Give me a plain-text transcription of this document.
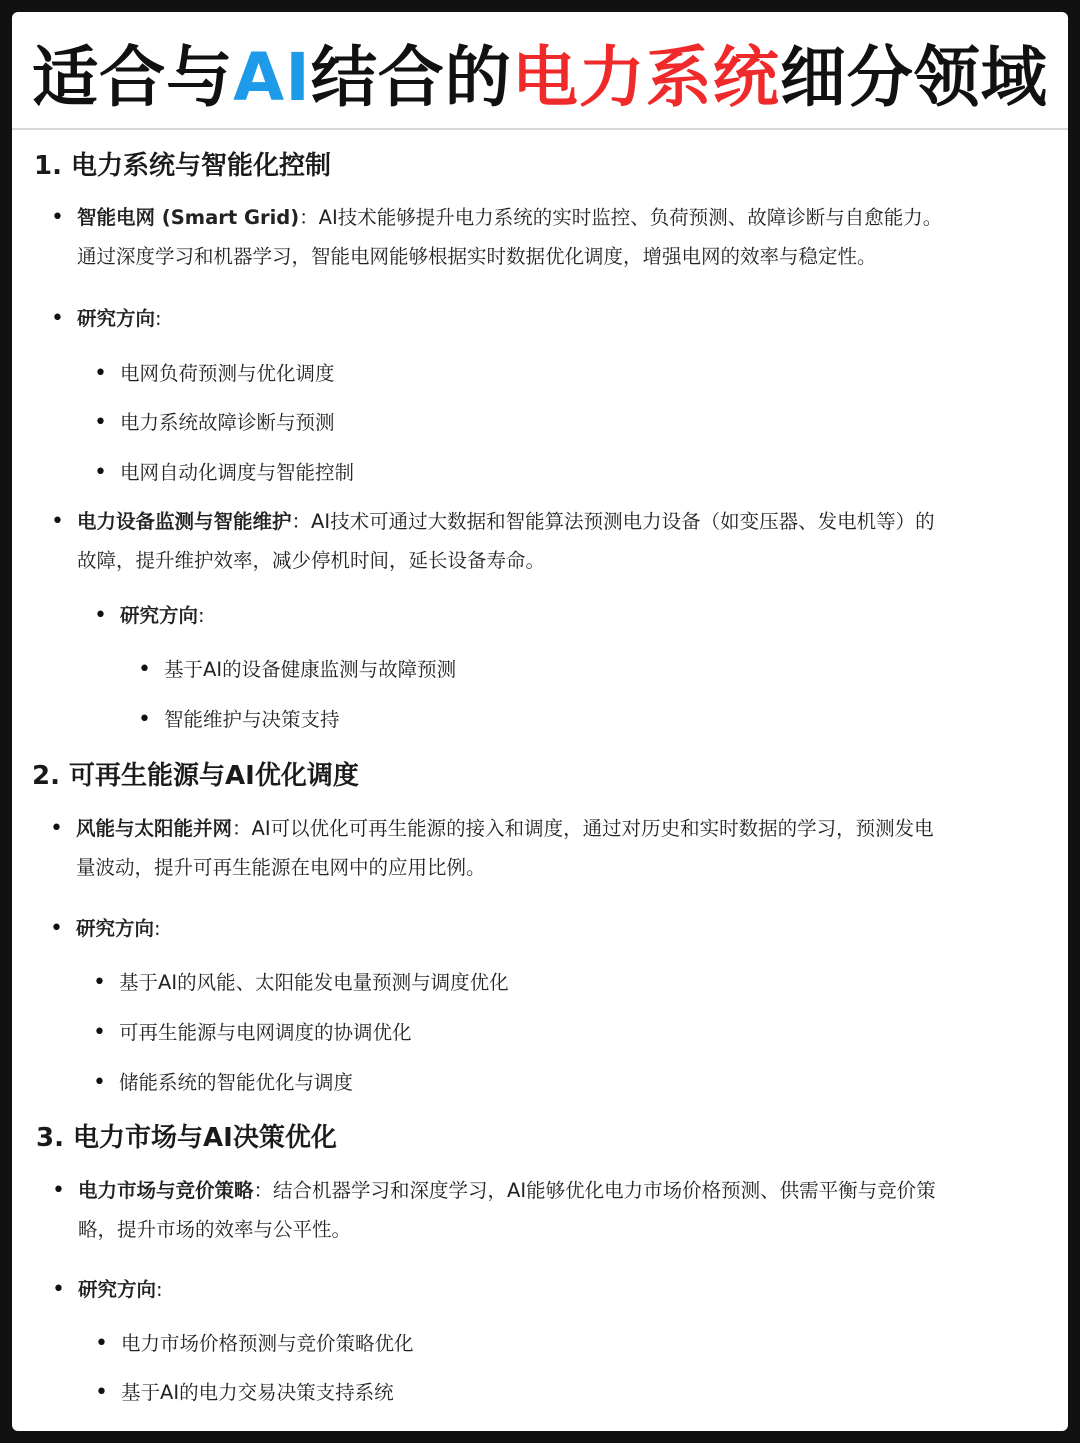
适合与AI结合的电力系统细分领域
1. 电力系统与智能化控制
• 智能电网 (Smart Grid)：AI技术能够提升电力系统的实时监控、负荷预测、故障诊断与自愈能力。
通过深度学习和机器学习，智能电网能够根据实时数据优化调度，增强电网的效率与稳定性。
• 研究方向:
• 电网负荷预测与优化调度
• 电力系统故障诊断与预测
• 电网自动化调度与智能控制
• 电力设备监测与智能维护：AI技术可通过大数据和智能算法预测电力设备（如变压器、发电机等）的
故障，提升维护效率，减少停机时间，延长设备寿命。
• 研究方向:
• 基于AI的设备健康监测与故障预测
• 智能维护与决策支持
2. 可再生能源与AI优化调度
• 风能与太阳能并网：AI可以优化可再生能源的接入和调度，通过对历史和实时数据的学习，预测发电
量波动，提升可再生能源在电网中的应用比例。
• 研究方向:
• 基于AI的风能、太阳能发电量预测与调度优化
• 可再生能源与电网调度的协调优化
• 储能系统的智能优化与调度
3. 电力市场与AI决策优化
• 电力市场与竞价策略：结合机器学习和深度学习，AI能够优化电力市场价格预测、供需平衡与竞价策
略，提升市场的效率与公平性。
• 研究方向:
• 电力市场价格预测与竞价策略优化
• 基于AI的电力交易决策支持系统
